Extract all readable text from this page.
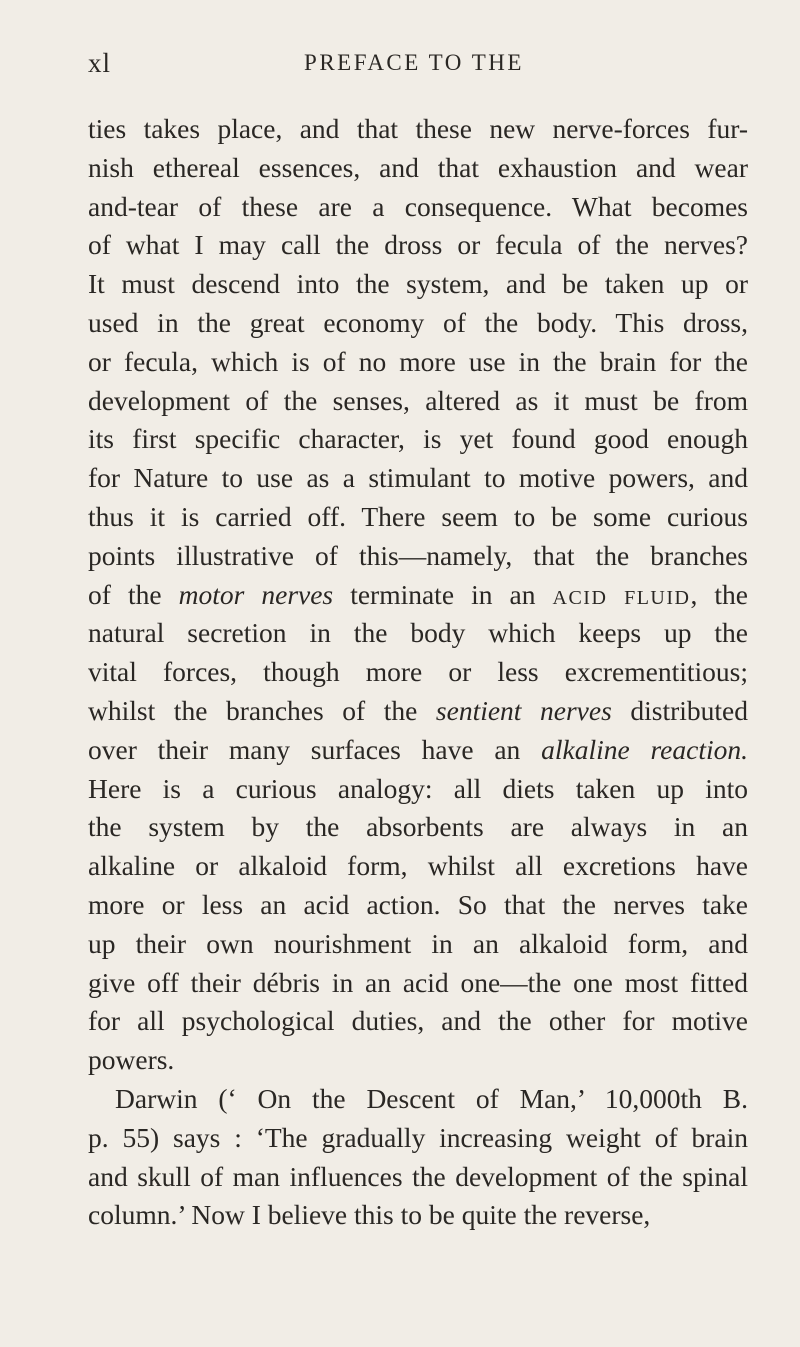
xl	PREFACE TO THE
ties takes place, and that these new nerve-forces fur-
nish ethereal essences, and that exhaustion and wear
and-tear of these are a consequence. What becomes
of what I may call the dross or fecula of the nerves?
It must descend into the system, and be taken up or
used in the great economy of the body. This dross,
or fecula, which is of no more use in the brain for the
development of the senses, altered as it must be from
its first specific character, is yet found good enough
for Nature to use as a stimulant to motive powers, and
thus it is carried off. There seem to be some curious
points illustrative of this—namely, that the branches
of the motor nerves terminate in an ACID FLUID, the
natural secretion in the body which keeps up the
vital forces, though more or less excrementitious;
whilst the branches of the sentient nerves distributed
over their many surfaces have an alkaline reaction.
Here is a curious analogy: all diets taken up into
the system by the absorbents are always in an
alkaline or alkaloid form, whilst all excretions have
more or less an acid action. So that the nerves take
up their own nourishment in an alkaloid form, and
give off their débris in an acid one—the one most fitted
for all psychological duties, and the other for motive
powers.
Darwin (‘ On the Descent of Man,’ 10,000th B.
p. 55) says : ‘The gradually increasing weight of brain
and skull of man influences the development of the spinal
column.’ Now I believe this to be quite the reverse,
